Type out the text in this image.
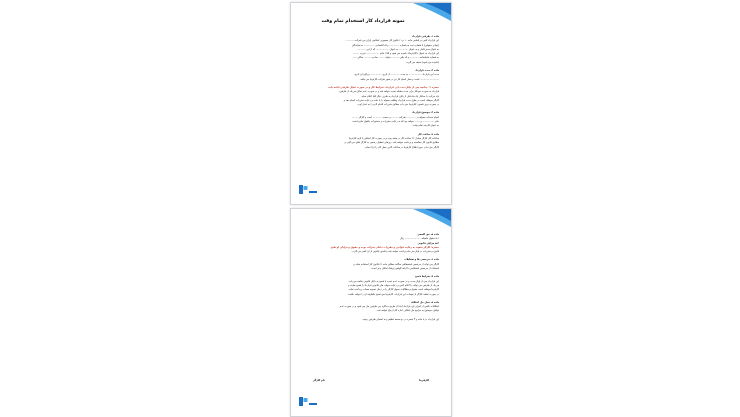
نمونه قرارداد کار استخدام تمام وقت
ماده ۱- طرفین قرارداد
این قرارداد کتبی بر اساس ماده ۱۰ و ۱۱ قانون کار جمهوری اسلامی ایران بین شرکت ...........
(نهادی حقوقی) با شماره ثبت به شماره ............. و کد اقتصادی .............. به نمایندگی
به عنوان مدیرعامل و به عنوان ............ به عنوان ................. که از این ...........
این قرارداد به عنوان «کارفرما» نامیده می شود و آقا / خانم ................. فرزند ........
به شماره شناسنامه ............ و کد ملی .......... متولد ........ صادره ......... ساکن ......
(نامیده می شود) منعقد می گردد.
ماده ۲- مدت قرارداد
مدت این قرارداد ................. به مدت ............ از تاریخ ............... و پایان آن تاریخ
......................... است و محل انجام کار نیز در شهر شرکت کارفرما می باشد.
تبصره ۱: چنانچه پس از پایان مدت این قرارداد، شرایط کار و در صورت تمایل طرفین ادامه یابد،
قرارداد به صورت خودکار برای مدت مشابه تمدید خواهد شد و در صورت عدم تمایل هر یک از طرفین،
باید مراتب را حداقل یک ماه قبل از پایان قرارداد به طرف دیگر کتباً اعلام نماید.
کارگر موظف است در طول مدت قرارداد وظایف محوله را با دقت و رعایت مقررات انجام دهد و
در صورت بروز قصور، کارفرما حق دارد مطابق مقررات اقدام لازم را به عمل آورد.
ماده ۳- موضوع قرارداد
انجام خدمات محوله در ............ شرکت ........ در سمت ............ است و کارگر ........
دفتر ............... و ....... خواهد بود که به رعایت مقررات و دستورات مافوق ملزم است.
به عنوان کارمند تمام وقت.
ماده ۴- ساعت کار
ساعات کار کارگر معادل ۴۴ ساعت کار در هفته بوده و در صورت کار اضافی با تأیید کارفرما
مطابق قانون کار محاسبه و پرداخت خواهد شد. روزهای تعطیل رسمی به کارگر تعلق می گیرد و
کارگر حق ندارد بدون اطلاع کارفرما در ساعات کاری محل کار را ترک نماید.
ماده ۵- حق السعی
۵-۱ حقوق ماهیانه ..................... ریال
۵-۲ مزایای قانونی
تبصره: کارگر متعهد به رعایت قوانین و مقررات داخلی شرکت بوده و حقوق و مزایای او طبق
قانون و مقررات در پایان هر ماه پرداخت خواهد شد و کسور قانونی از آن کسر می گردد.
ماده ۶- مرخصی ها و تعطیلات
کارگر می تواند از مرخصی استحقاقی سالانه مطابق ماده ۶۴ قانون کار استفاده نماید و
استفاده از مرخصی استعلاجی با ارائه گواهی پزشک امکان پذیر است.
ماده ۷- شرایط فسخ
این قرارداد پس از پایان مدت و در صورت عدم تمدید یا فسخ به دلایل قانونی خاتمه می یابد.
هر یک از طرفین می توانند با اعلام کتبی و رعایت مهلت های قانونی قرارداد را فسخ نمایند و
کارفرما موظف است حقوق و مطالبات معوق کارگر را در زمان تسویه حساب پرداخت نماید.
در صورت تخلف کارگر از تعهدات این قرارداد، کارفرما حق فسخ یکطرفه آن را خواهد داشت.
ماده ۸- محل حل اختلاف
اختلافات ناشی از اجرای این قرارداد ابتدا از طریق مذاکره بین طرفین حل می شود و در صورت عدم
توافق، موضوع به مراجع حل اختلاف اداره کار ارجاع خواهد شد.
این قرارداد در ۸ ماده و ۳ تبصره در دو نسخه تنظیم و به امضای طرفین رسید.
کارفرما
نام کارگر
